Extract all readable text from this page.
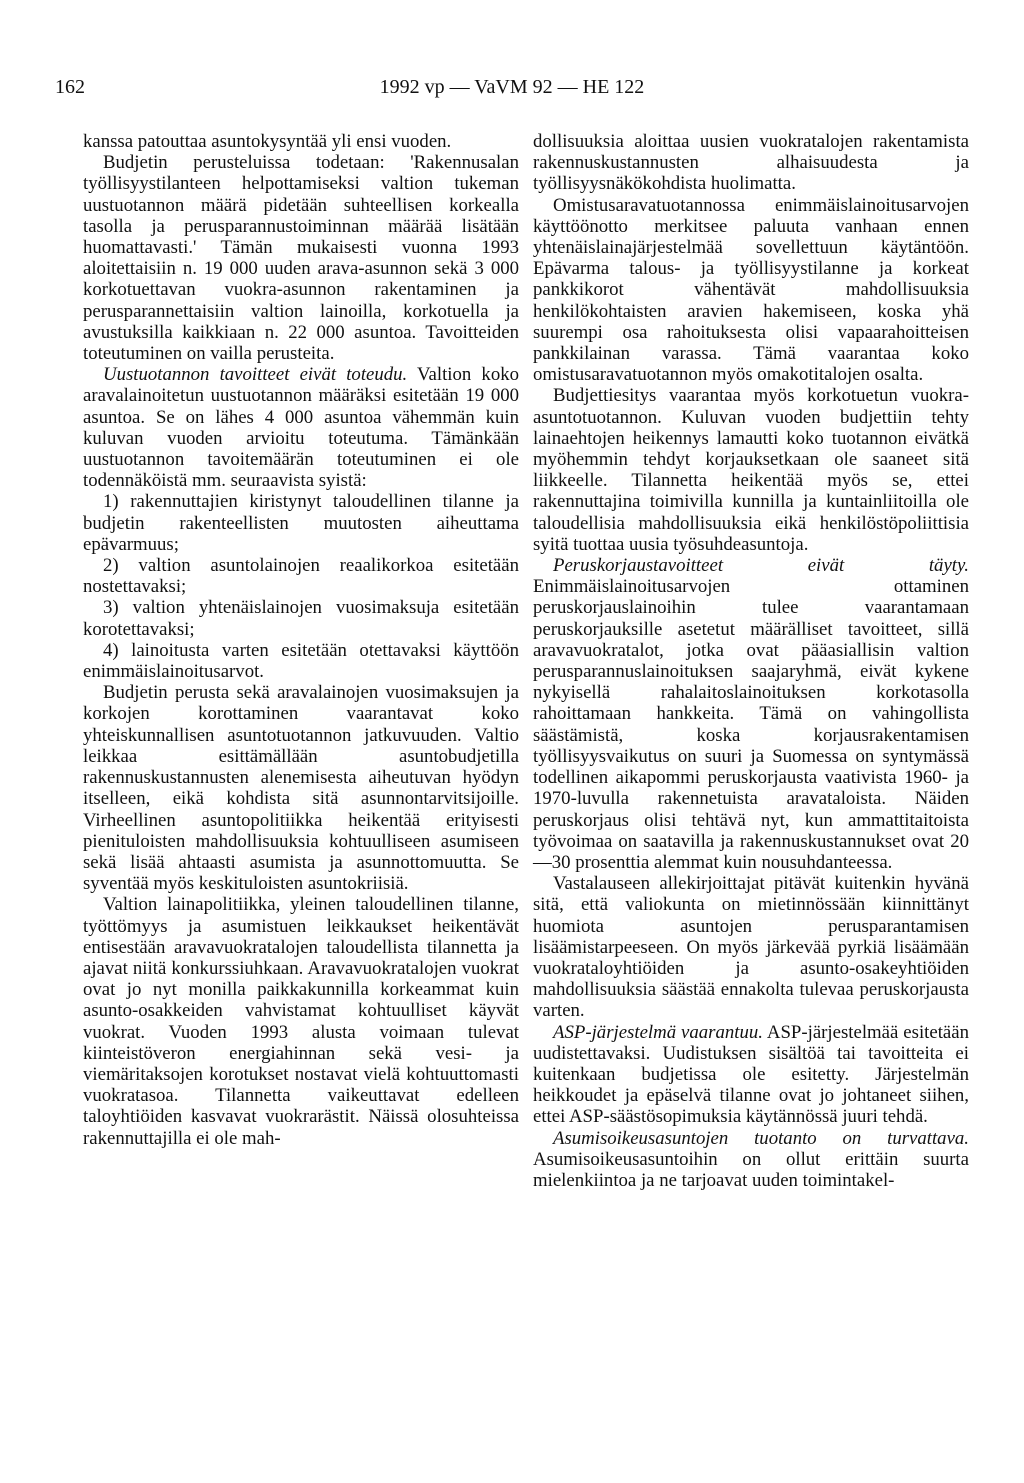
162	1992 vp — VaVM 92 — HE 122

kanssa patouttaa asuntokysyntää yli ensi vuoden.

Budjetin perusteluissa todetaan: 'Rakennusalan työllisyystilanteen helpottamiseksi valtion tukeman uustuotannon määrä pidetään suhteellisen korkealla tasolla ja perusparannustoiminnan määrää lisätään huomattavasti.' Tämän mukaisesti vuonna 1993 aloitettaisiin n. 19 000 uuden arava-asunnon sekä 3 000 korkotuettavan vuokra-asunnon rakentaminen ja perusparannettaisiin valtion lainoilla, korkotuella ja avustuksilla kaikkiaan n. 22 000 asuntoa. Tavoitteiden toteutuminen on vailla perusteita.

Uustuotannon tavoitteet eivät toteudu. Valtion koko aravalainoitetun uustuotannon määräksi esitetään 19 000 asuntoa. Se on lähes 4 000 asuntoa vähemmän kuin kuluvan vuoden arvioitu toteutuma. Tämänkään uustuotannon tavoitemäärän toteutuminen ei ole todennäköistä mm. seuraavista syistä:

1) rakennuttajien kiristynyt taloudellinen tilanne ja budjetin rakenteellisten muutosten aiheuttama epävarmuus;

2) valtion asuntolainojen reaalikorkoa esitetään nostettavaksi;

3) valtion yhtenäislainojen vuosimaksuja esitetään korotettavaksi;

4) lainoitusta varten esitetään otettavaksi käyttöön enimmäislainoitusarvot.

Budjetin perusta sekä aravalainojen vuosimaksujen ja korkojen korottaminen vaarantavat koko yhteiskunnallisen asuntotuotannon jatkuvuuden. Valtio leikkaa esittämällään asuntobudjetilla rakennuskustannusten alenemisesta aiheutuvan hyödyn itselleen, eikä kohdista sitä asunnontarvitsijoille. Virheellinen asuntopolitiikka heikentää erityisesti pienituloisten mahdollisuuksia kohtuulliseen asumiseen sekä lisää ahtaasti asumista ja asunnottomuutta. Se syventää myös keskituloisten asuntokriisiä.

Valtion lainapolitiikka, yleinen taloudellinen tilanne, työttömyys ja asumistuen leikkaukset heikentävät entisestään aravavuokratalojen taloudellista tilannetta ja ajavat niitä konkurssiuhkaan. Aravavuokratalojen vuokrat ovat jo nyt monilla paikkakunnilla korkeammat kuin asunto-osakkeiden vahvistamat kohtuulliset käyvät vuokrat. Vuoden 1993 alusta voimaan tulevat kiinteistöveron energiahinnan sekä vesi- ja viemäritaksojen korotukset nostavat vielä kohtuuttomasti vuokratasoa. Tilannetta vaikeuttavat edelleen taloyhtiöiden kasvavat vuokrarästit. Näissä olosuhteissa rakennuttajilla ei ole mah-

dollisuuksia aloittaa uusien vuokratalojen rakentamista rakennuskustannusten alhaisuudesta ja työllisyysnäkökohdista huolimatta.

Omistusaravatuotannossa enimmäislainoitusarvojen käyttöönotto merkitsee paluuta vanhaan ennen yhtenäislainajärjestelmää sovellettuun käytäntöön. Epävarma talous- ja työllisyystilanne ja korkeat pankkikorot vähentävät mahdollisuuksia henkilökohtaisten aravien hakemiseen, koska yhä suurempi osa rahoituksesta olisi vapaarahoitteisen pankkilainan varassa. Tämä vaarantaa koko omistusaravatuotannon myös omakotitalojen osalta.

Budjettiesitys vaarantaa myös korkotuetun vuokra-asuntotuotannon. Kuluvan vuoden budjettiin tehty lainaehtojen heikennys lamautti koko tuotannon eivätkä myöhemmin tehdyt korjauksetkaan ole saaneet sitä liikkeelle. Tilannetta heikentää myös se, ettei rakennuttajina toimivilla kunnilla ja kuntainliitoilla ole taloudellisia mahdollisuuksia eikä henkilöstöpoliittisia syitä tuottaa uusia työsuhdeasuntoja.

Peruskorjaustavoitteet eivät täyty. Enimmäislainoitusarvojen ottaminen peruskorjauslainoihin tulee vaarantamaan peruskorjauksille asetetut määrälliset tavoitteet, sillä aravavuokratalot, jotka ovat pääasiallisin valtion perusparannuslainoituksen saajaryhmä, eivät kykene nykyisellä rahalaitoslainoituksen korkotasolla rahoittamaan hankkeita. Tämä on vahingollista säästämistä, koska korjausrakentamisen työllisyysvaikutus on suuri ja Suomessa on syntymässä todellinen aikapommi peruskorjausta vaativista 1960- ja 1970-luvulla rakennetuista aravataloista. Näiden peruskorjaus olisi tehtävä nyt, kun ammattitaitoista työvoimaa on saatavilla ja rakennuskustannukset ovat 20—30 prosenttia alemmat kuin nousuhdanteessa.

Vastalauseen allekirjoittajat pitävät kuitenkin hyvänä sitä, että valiokunta on mietinnössään kiinnittänyt huomiota asuntojen perusparantamisen lisäämistarpeeseen. On myös järkevää pyrkiä lisäämään vuokrataloyhtiöiden ja asunto-osakeyhtiöiden mahdollisuuksia säästää ennakolta tulevaa peruskorjausta varten.

ASP-järjestelmä vaarantuu. ASP-järjestelmää esitetään uudistettavaksi. Uudistuksen sisältöä tai tavoitteita ei kuitenkaan budjetissa ole esitetty. Järjestelmän heikkoudet ja epäselvä tilanne ovat jo johtaneet siihen, ettei ASP-säästösopimuksia käytännössä juuri tehdä.

Asumisoikeusasuntojen tuotanto on turvattava. Asumisoikeusasuntoihin on ollut erittäin suurta mielenkiintoa ja ne tarjoavat uuden toimintakel-
